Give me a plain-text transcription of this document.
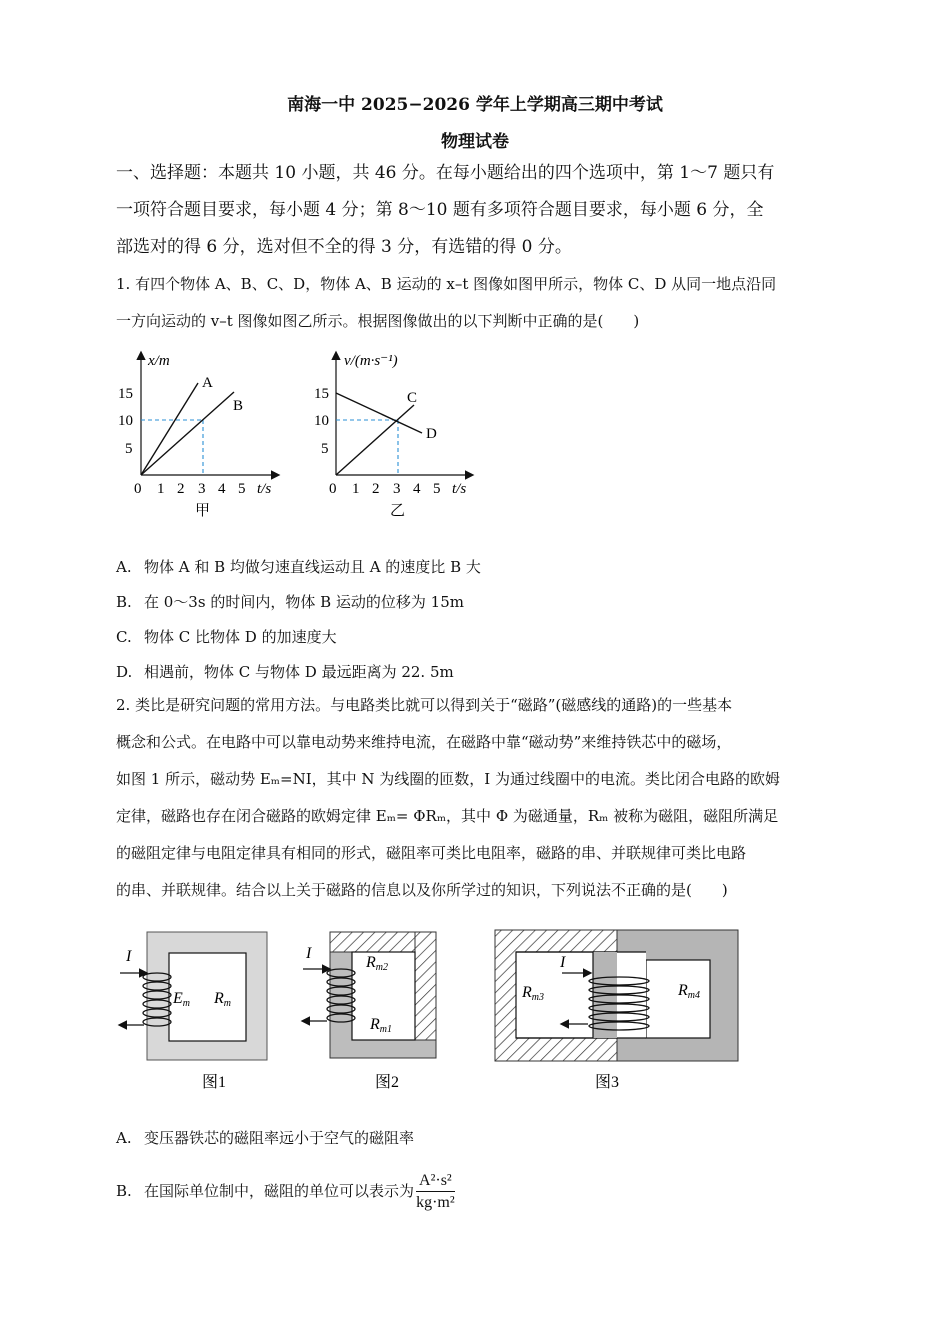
南海一中 2025−2026 学年上学期高三期中考试
物理试卷
一、选择题：本题共 10 小题，共 46 分。在每小题给出的四个选项中，第 1～7 题只有
一项符合题目要求，每小题 4 分；第 8～10 题有多项符合题目要求，每小题 6 分，全
部选对的得 6 分，选对但不全的得 3 分，有选错的得 0 分。
1. 有四个物体 A、B、C、D，物体 A、B 运动的 x–t 图像如图甲所示，物体 C、D 从同一地点沿同
一方向运动的 v–t 图像如图乙所示。根据图像做出的以下判断中正确的是(　　)
x/m
15
10
5
0 1 2 3 4 5 t/s
A
B
甲
v/(m·s⁻¹)
15
10
5
0 1 2 3 4 5 t/s
C
D
乙
A. 物体 A 和 B 均做匀速直线运动且 A 的速度比 B 大
B. 在 0～3s 的时间内，物体 B 运动的位移为 15m
C. 物体 C 比物体 D 的加速度大
D. 相遇前，物体 C 与物体 D 最远距离为 22. 5m
2. 类比是研究问题的常用方法。与电路类比就可以得到关于“磁路”(磁感线的通路)的一些基本
概念和公式。在电路中可以靠电动势来维持电流，在磁路中靠“磁动势”来维持铁芯中的磁场，
如图 1 所示，磁动势 Eₘ=NI，其中 N 为线圈的匝数，I 为通过线圈中的电流。类比闭合电路的欧姆
定律，磁路也存在闭合磁路的欧姆定律 Eₘ= ΦRₘ，其中 Φ 为磁通量，Rₘ 被称为磁阻，磁阻所满足
的磁阻定律与电阻定律具有相同的形式，磁阻率可类比电阻率，磁路的串、并联规律可类比电路
的串、并联规律。结合以上关于磁路的信息以及你所学过的知识，下列说法不正确的是(　　)
I
Em Rm
图1
I
Rm2
Rm1
图2
I
Rm3	Rm4
图3
A. 变压器铁芯的磁阻率远小于空气的磁阻率
B. 在国际单位制中，磁阻的单位可以表示为 $\frac{\text{A²·s²}}{\text{kg·m²}}$
